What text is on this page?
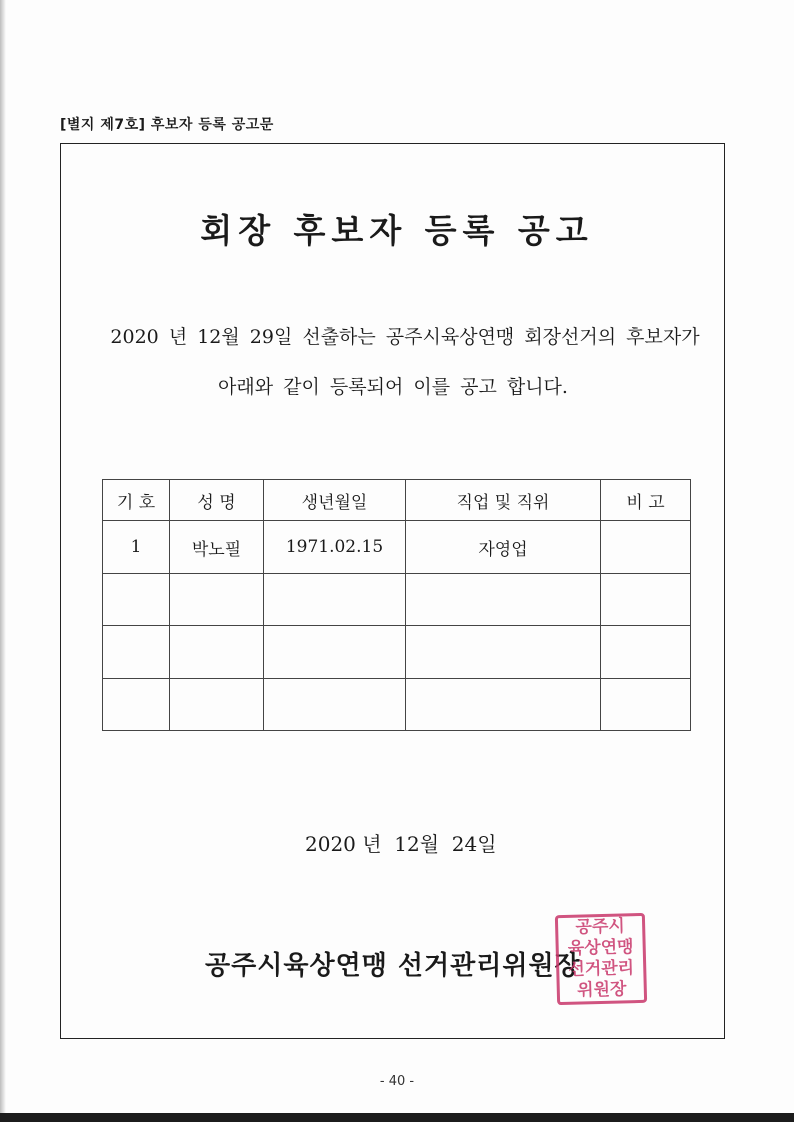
[별지 제7호] 후보자 등록 공고문
회장 후보자 등록 공고
2020 년 12월 29일 선출하는 공주시육상연맹 회장선거의 후보자가
아래와 같이 등록되어 이를 공고 합니다.
기 호	성 명	생년월일	직업 및 직위	비 고
1	박노필	1971.02.15	자영업	

2020 년  12월  24일
공주시육상연맹 선거관리위원장
공주시
육상연맹
선거관리
위원장
- 40 -
